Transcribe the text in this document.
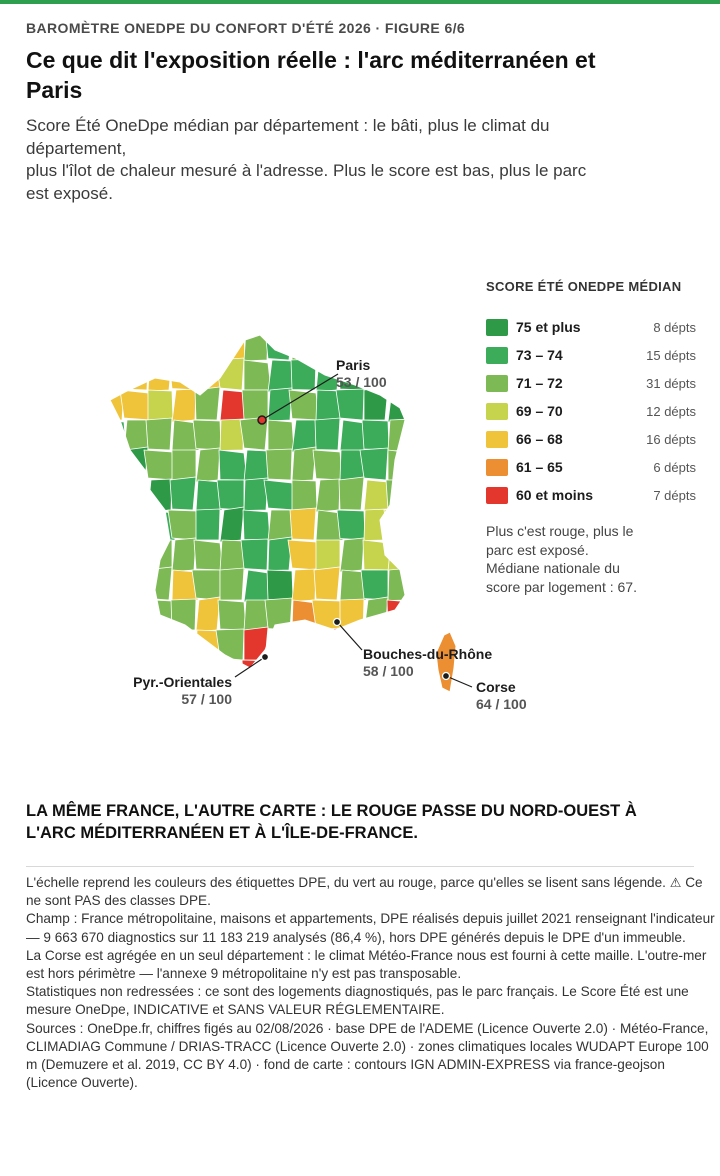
BAROMÈTRE ONEDPE DU CONFORT D'ÉTÉ 2026 · FIGURE 6/6
Ce que dit l'exposition réelle : l'arc méditerranéen et Paris
Score Été OneDpe médian par département : le bâti, plus le climat du département,
plus l'îlot de chaleur mesuré à l'adresse. Plus le score est bas, plus le parc est exposé.
Paris
53 / 100
Bouches-du-Rhône
58 / 100
Pyr.-Orientales
57 / 100
Corse
64 / 100
SCORE ÉTÉ ONEDPE MÉDIAN
75 et plus	8 dépts
73 – 74	15 dépts
71 – 72	31 dépts
69 – 70	12 dépts
66 – 68	16 dépts
61 – 65	6 dépts
60 et moins	7 dépts
Plus c'est rouge, plus le parc est exposé. Médiane nationale du score par logement : 67.
LA MÊME FRANCE, L'AUTRE CARTE : LE ROUGE PASSE DU NORD-OUEST À L'ARC MÉDITERRANÉEN ET À L'ÎLE-DE-FRANCE.

L'échelle reprend les couleurs des étiquettes DPE, du vert au rouge, parce qu'elles se lisent sans légende. ⚠ Ce ne sont PAS des classes DPE.

Champ : France métropolitaine, maisons et appartements, DPE réalisés depuis juillet 2021 renseignant l'indicateur — 9 663 670 diagnostics sur 11 183 219 analysés (86,4 %), hors DPE générés depuis le DPE d'un immeuble.

La Corse est agrégée en un seul département : le climat Météo-France nous est fourni à cette maille. L'outre-mer est hors périmètre — l'annexe 9 métropolitaine n'y est pas transposable.

Statistiques non redressées : ce sont des logements diagnostiqués, pas le parc français. Le Score Été est une mesure OneDpe, INDICATIVE et SANS VALEUR RÉGLEMENTAIRE.

Sources : OneDpe.fr, chiffres figés au 02/08/2026 · base DPE de l'ADEME (Licence Ouverte 2.0) · Météo-France, CLIMADIAG Commune / DRIAS-TRACC (Licence Ouverte 2.0) · zones climatiques locales WUDAPT Europe 100 m (Demuzere et al. 2019, CC BY 4.0) · fond de carte : contours IGN ADMIN-EXPRESS via france-geojson (Licence Ouverte).
